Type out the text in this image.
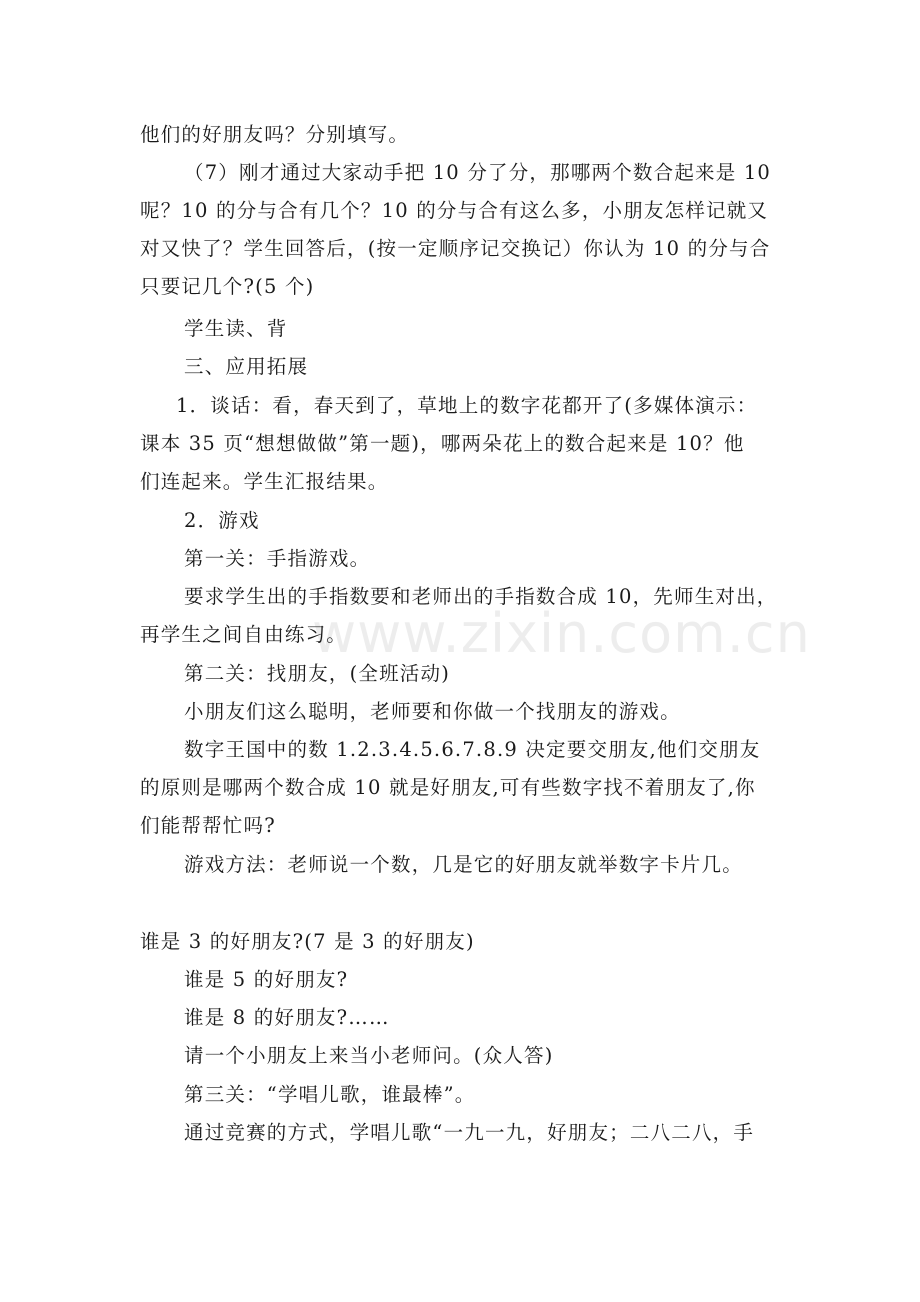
www.zixin.com.cn
他们的好朋友吗？分别填写。
（7）刚才通过大家动手把 10 分了分，那哪两个数合起来是 10
呢？10 的分与合有几个？10 的分与合有这么多，小朋友怎样记就又
对又快了？学生回答后，(按一定顺序记交换记）你认为 10 的分与合
只要记几个?(5 个)
学生读、背
三、应用拓展
1．谈话：看，春天到了，草地上的数字花都开了(多媒体演示：
课本 35 页“想想做做”第一题)，哪两朵花上的数合起来是 10？他
们连起来。学生汇报结果。
2．游戏
第一关：手指游戏。
要求学生出的手指数要和老师出的手指数合成 10，先师生对出，
再学生之间自由练习。
第二关：找朋友，(全班活动)
小朋友们这么聪明，老师要和你做一个找朋友的游戏。
数字王国中的数 1.2.3.4.5.6.7.8.9 决定要交朋友,他们交朋友
的原则是哪两个数合成 10 就是好朋友,可有些数字找不着朋友了,你
们能帮帮忙吗?
游戏方法：老师说一个数，几是它的好朋友就举数字卡片几。
谁是 3 的好朋友?(7 是 3 的好朋友)
谁是 5 的好朋友?
谁是 8 的好朋友?……
请一个小朋友上来当小老师问。(众人答)
第三关：“学唱儿歌，谁最棒”。
通过竞赛的方式，学唱儿歌“一九一九，好朋友；二八二八，手
